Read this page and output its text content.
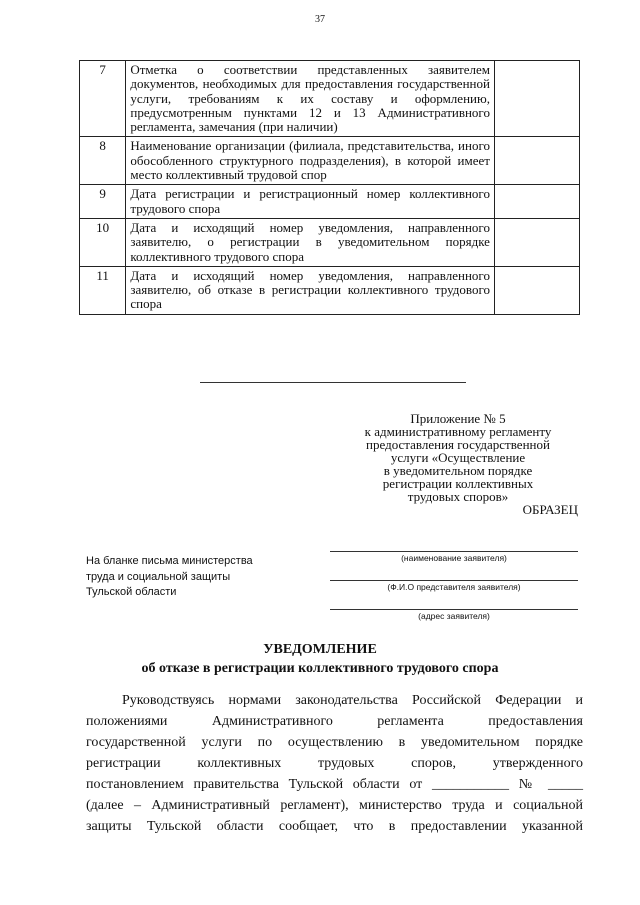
37
7	Отметка о соответствии представленных заявителем документов, необходимых для предоставления государственной услуги, требованиям к их составу и оформлению, предусмотренным пунктами 12 и 13 Административного регламента, замечания (при наличии)	
8	Наименование организации (филиала, представительства, иного обособленного структурного подразделения), в которой имеет место коллективный трудовой спор	
9	Дата регистрации и регистрационный номер коллективного трудового спора	
10	Дата и исходящий номер уведомления, направленного заявителю, о регистрации в уведомительном порядке коллективного трудового спора	
11	Дата и исходящий номер уведомления, направленного заявителю, об отказе в регистрации коллективного трудового спора	
Приложение № 5
к административному регламенту
предоставления государственной
услуги «Осуществление
в уведомительном порядке
регистрации коллективных
трудовых споров»
ОБРАЗЕЦ
На бланке письма министерства
труда и социальной защиты
Тульской области
(наименование заявителя)
(Ф.И.О представителя заявителя)
(адрес заявителя)
УВЕДОМЛЕНИЕ
об отказе в регистрации коллективного трудового спора
Руководствуясь нормами законодательства Российской Федерации и
положениями Административного регламента предоставления
государственной услуги по осуществлению в уведомительном порядке
регистрации коллективных трудовых споров, утвержденного
постановлением правительства Тульской области от ___________ № _____
(далее – Административный регламент), министерство труда и социальной
защиты Тульской области сообщает, что в предоставлении указанной
